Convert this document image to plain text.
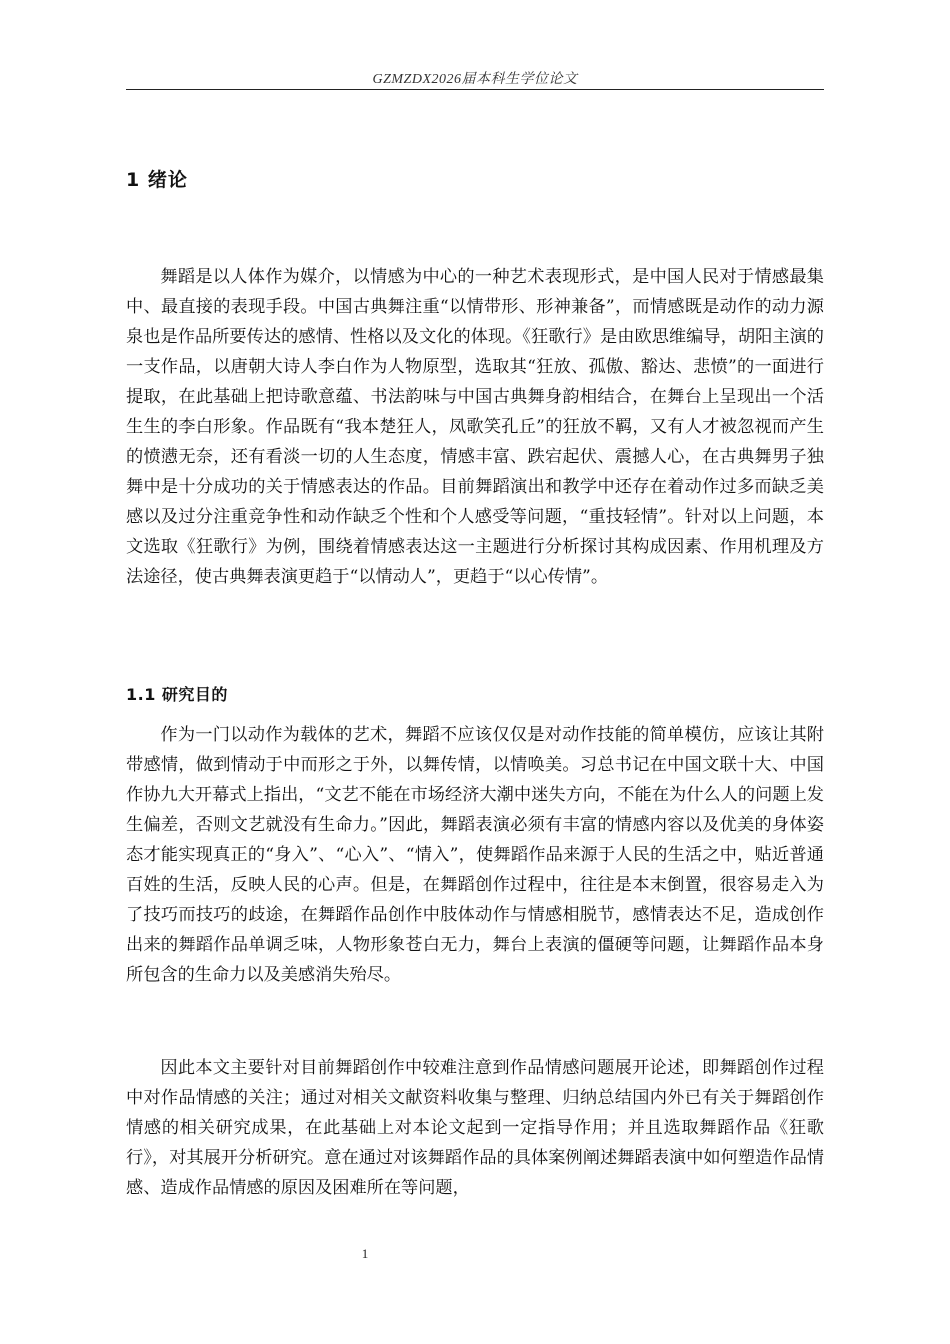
GZMZDX2026届本科生学位论文
1 绪论

舞蹈是以人体作为媒介，以情感为中心的一种艺术表现形式，是中国人民对于情感最集中、最直接的表现手段。中国古典舞注重“以情带形、形神兼备”，而情感既是动作的动力源泉也是作品所要传达的感情、性格以及文化的体现。《狂歌行》是由欧思维编导，胡阳主演的一支作品，以唐朝大诗人李白作为人物原型，选取其“狂放、孤傲、豁达、悲愤”的一面进行提取，在此基础上把诗歌意蕴、书法韵味与中国古典舞身韵相结合，在舞台上呈现出一个活生生的李白形象。作品既有“我本楚狂人，凤歌笑孔丘”的狂放不羁，又有人才被忽视而产生的愤懑无奈，还有看淡一切的人生态度，情感丰富、跌宕起伏、震撼人心，在古典舞男子独舞中是十分成功的关于情感表达的作品。目前舞蹈演出和教学中还存在着动作过多而缺乏美感以及过分注重竞争性和动作缺乏个性和个人感受等问题，“重技轻情”。针对以上问题，本文选取《狂歌行》为例，围绕着情感表达这一主题进行分析探讨其构成因素、作用机理及方法途径，使古典舞表演更趋于“以情动人”，更趋于“以心传情”。

1.1 研究目的

作为一门以动作为载体的艺术，舞蹈不应该仅仅是对动作技能的简单模仿，应该让其附带感情，做到情动于中而形之于外，以舞传情，以情唤美。习总书记在中国文联十大、中国作协九大开幕式上指出，“文艺不能在市场经济大潮中迷失方向，不能在为什么人的问题上发生偏差，否则文艺就没有生命力。”因此，舞蹈表演必须有丰富的情感内容以及优美的身体姿态才能实现真正的“身入”、“心入”、“情入”，使舞蹈作品来源于人民的生活之中，贴近普通百姓的生活，反映人民的心声。但是，在舞蹈创作过程中，往往是本末倒置，很容易走入为了技巧而技巧的歧途，在舞蹈作品创作中肢体动作与情感相脱节，感情表达不足，造成创作出来的舞蹈作品单调乏味，人物形象苍白无力，舞台上表演的僵硬等问题，让舞蹈作品本身所包含的生命力以及美感消失殆尽。

因此本文主要针对目前舞蹈创作中较难注意到作品情感问题展开论述，即舞蹈创作过程中对作品情感的关注；通过对相关文献资料收集与整理、归纳总结国内外已有关于舞蹈创作情感的相关研究成果，在此基础上对本论文起到一定指导作用；并且选取舞蹈作品《狂歌行》，对其展开分析研究。意在通过对该舞蹈作品的具体案例阐述舞蹈表演中如何塑造作品情感、造成作品情感的原因及困难所在等问题，

1
